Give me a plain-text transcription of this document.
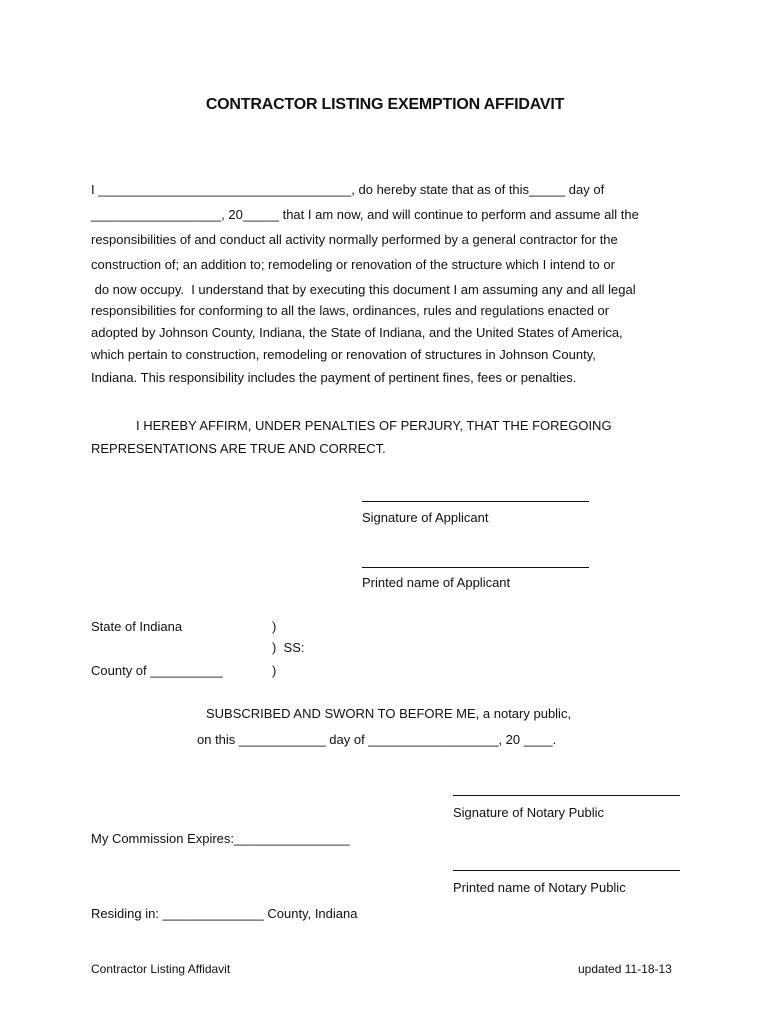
CONTRACTOR LISTING EXEMPTION AFFIDAVIT
I ___________________________________, do hereby state that as of this_____ day of
__________________, 20_____ that I am now, and will continue to perform and assume all the
responsibilities of and conduct all activity normally performed by a general contractor for the
construction of; an addition to; remodeling or renovation of the structure which I intend to or
do now occupy.  I understand that by executing this document I am assuming any and all legal
responsibilities for conforming to all the laws, ordinances, rules and regulations enacted or
adopted by Johnson County, Indiana, the State of Indiana, and the United States of America,
which pertain to construction, remodeling or renovation of structures in Johnson County,
Indiana. This responsibility includes the payment of pertinent fines, fees or penalties.
I HEREBY AFFIRM, UNDER PENALTIES OF PERJURY, THAT THE FOREGOING
REPRESENTATIONS ARE TRUE AND CORRECT.
Signature of Applicant
Printed name of Applicant
State of Indiana	)
)  SS:
County of __________	)
SUBSCRIBED AND SWORN TO BEFORE ME, a notary public,
on this ____________ day of __________________, 20 ____.
Signature of Notary Public
My Commission Expires:________________
Printed name of Notary Public
Residing in: ______________ County, Indiana
Contractor Listing Affidavit	updated 11-18-13
